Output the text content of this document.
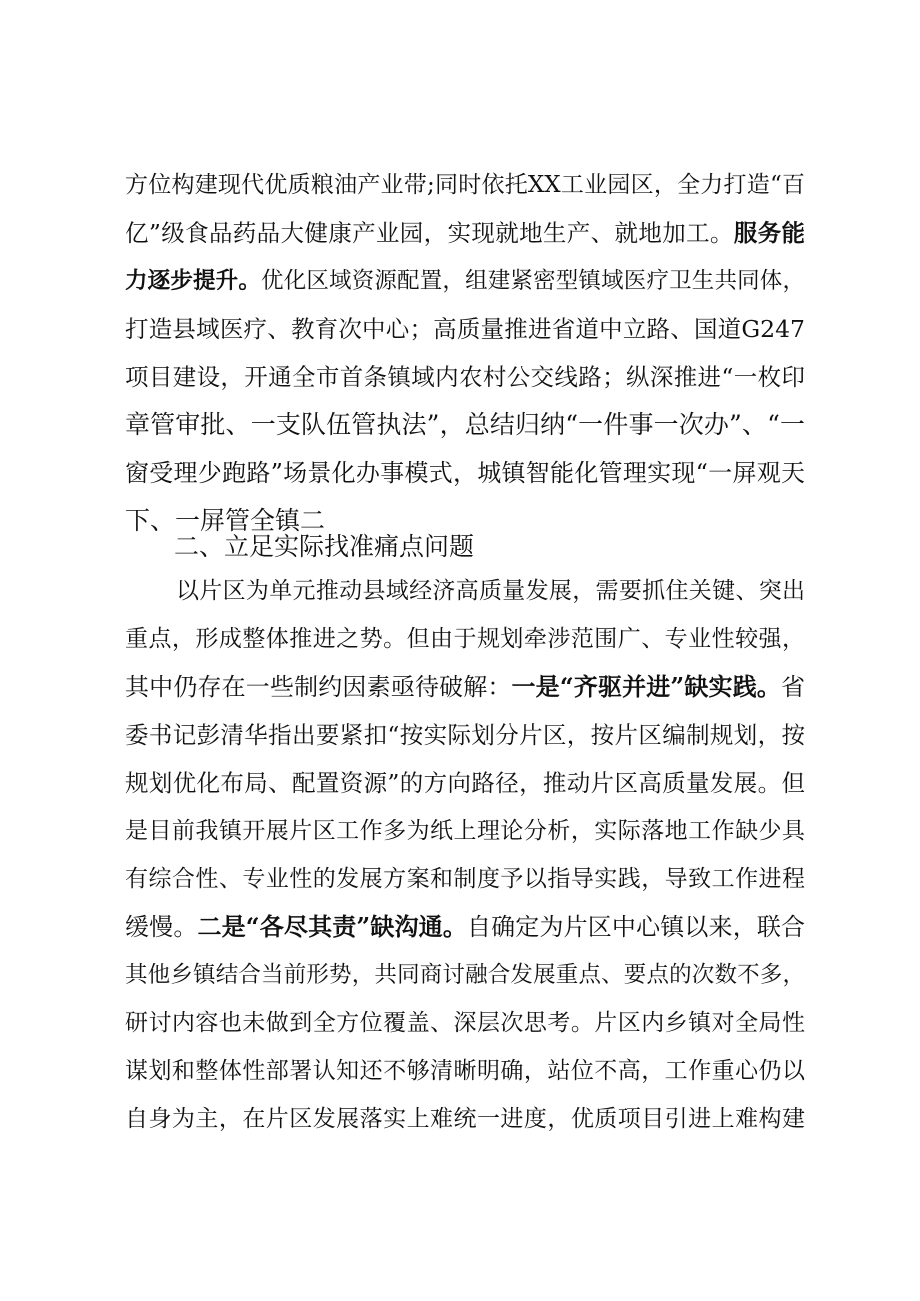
方位构建现代优质粮油产业带;同时依托XX工业园区，全力打造“百
亿”级食品药品大健康产业园，实现就地生产、就地加工。服务能
力逐步提升。优化区域资源配置，组建紧密型镇域医疗卫生共同体，
打造县域医疗、教育次中心；高质量推进省道中立路、国道G247
项目建设，开通全市首条镇域内农村公交线路；纵深推进“一枚印
章管审批、一支队伍管执法”，总结归纳“一件事一次办”、“一
窗受理少跑路”场景化办事模式，城镇智能化管理实现“一屏观天
下、一屏管全镇二
二、立足实际找准痛点问题
以片区为单元推动县域经济高质量发展，需要抓住关键、突出
重点，形成整体推进之势。但由于规划牵涉范围广、专业性较强，
其中仍存在一些制约因素亟待破解：一是“齐驱并进”缺实践。省
委书记彭清华指出要紧扣“按实际划分片区，按片区编制规划，按
规划优化布局、配置资源”的方向路径，推动片区高质量发展。但
是目前我镇开展片区工作多为纸上理论分析，实际落地工作缺少具
有综合性、专业性的发展方案和制度予以指导实践，导致工作进程
缓慢。二是“各尽其责”缺沟通。自确定为片区中心镇以来，联合
其他乡镇结合当前形势，共同商讨融合发展重点、要点的次数不多，
研讨内容也未做到全方位覆盖、深层次思考。片区内乡镇对全局性
谋划和整体性部署认知还不够清晰明确，站位不高，工作重心仍以
自身为主，在片区发展落实上难统一进度，优质项目引进上难构建
